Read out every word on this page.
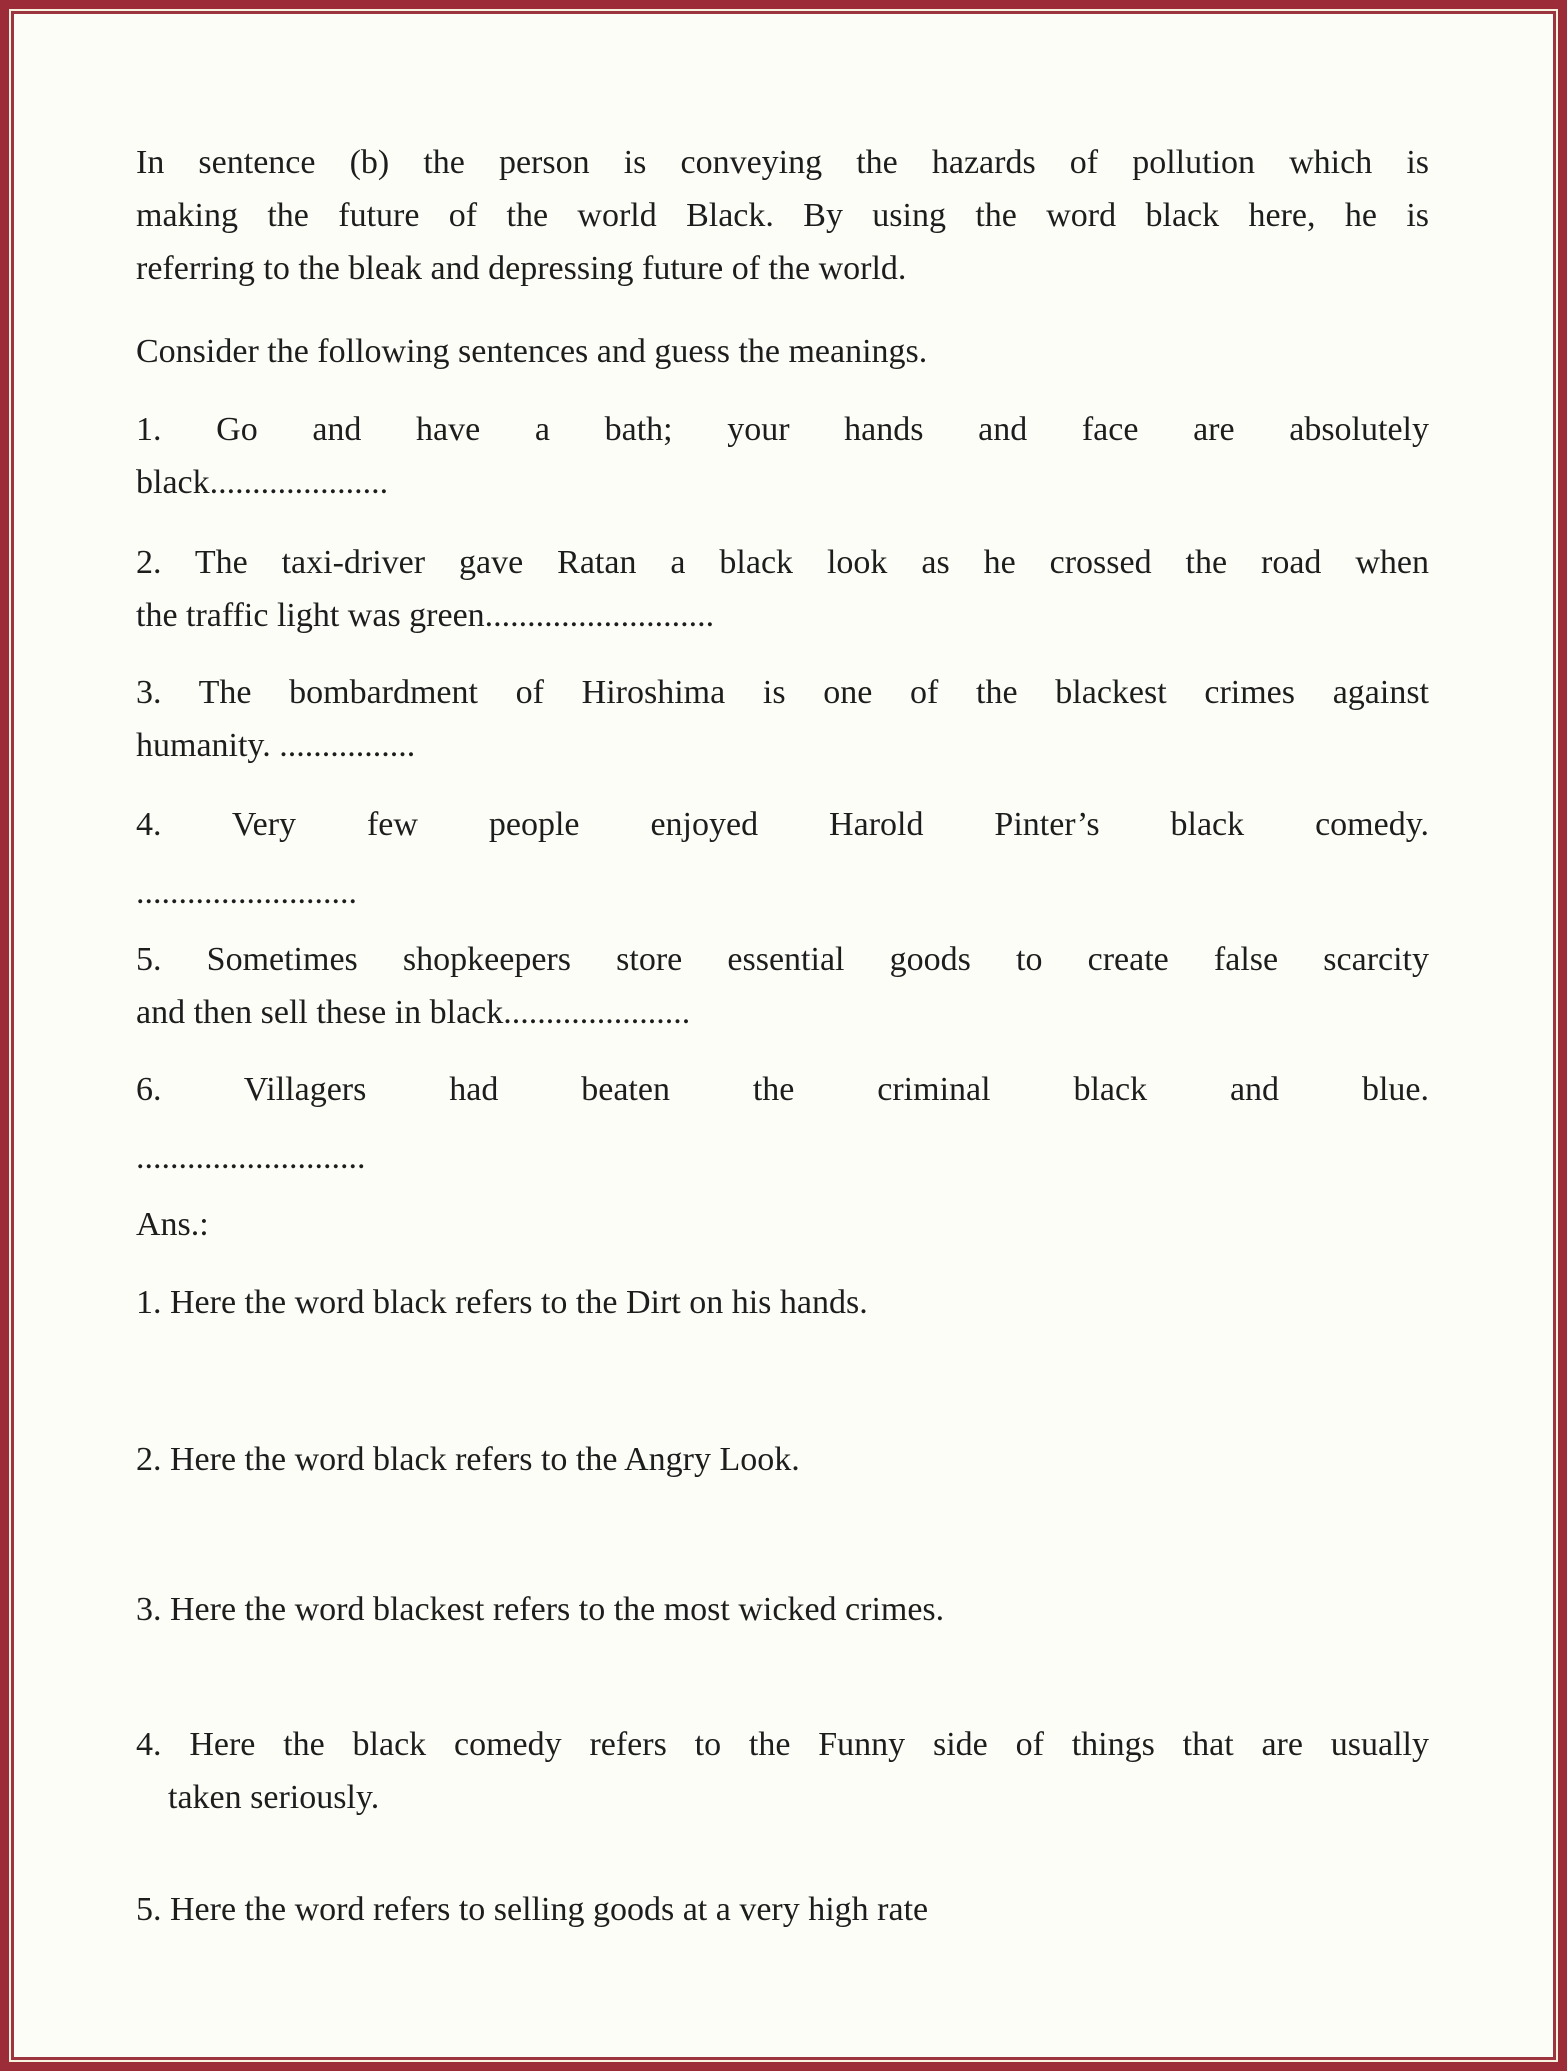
In sentence (b) the person is conveying the hazards of pollution which is
making the future of the world Black. By using the word black here, he is
referring to the bleak and depressing future of the world.
Consider the following sentences and guess the meanings.
1. Go and have a bath; your hands and face are absolutely
black.....................
2. The taxi-driver gave Ratan a black look as he crossed the road when
the traffic light was green...........................
3. The bombardment of Hiroshima is one of the blackest crimes against
humanity. ................
4. Very few people enjoyed Harold Pinter’s black comedy.
..........................
5. Sometimes shopkeepers store essential goods to create false scarcity
and then sell these in black......................
6. Villagers had beaten the criminal black and blue.
...........................
Ans.:
1. Here the word black refers to the Dirt on his hands.
2. Here the word black refers to the Angry Look.
3. Here the word blackest refers to the most wicked crimes.
4. Here the black comedy refers to the Funny side of things that are usually
taken seriously.
5. Here the word refers to selling goods at a very high rate
